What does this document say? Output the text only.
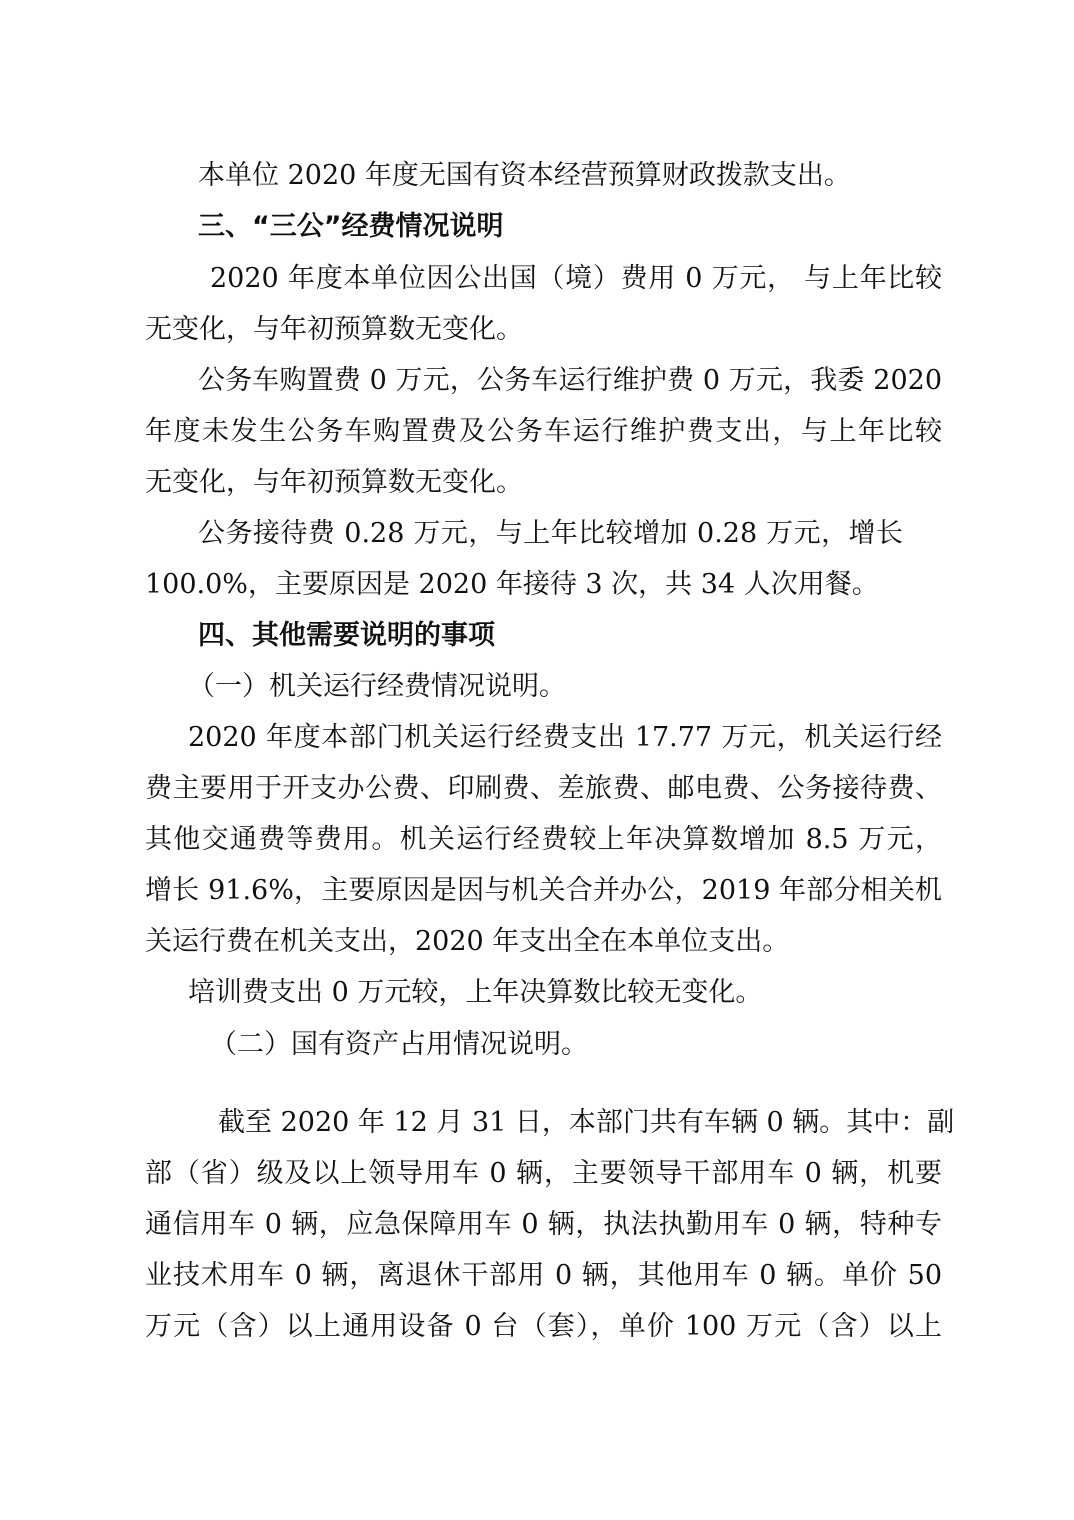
本单位 2020 年度无国有资本经营预算财政拨款支出。
三、“三公”经费情况说明
2020 年度本单位因公出国（境）费用 0 万元， 与上年比较
无变化，与年初预算数无变化。
公务车购置费 0 万元，公务车运行维护费 0 万元，我委 2020
年度未发生公务车购置费及公务车运行维护费支出，与上年比较
无变化，与年初预算数无变化。
公务接待费 0.28 万元，与上年比较增加 0.28 万元，增长
100.0%，主要原因是 2020 年接待 3 次，共 34 人次用餐。
四、其他需要说明的事项
（一）机关运行经费情况说明。
2020 年度本部门机关运行经费支出 17.77 万元，机关运行经
费主要用于开支办公费、印刷费、差旅费、邮电费、公务接待费、
其他交通费等费用。机关运行经费较上年决算数增加 8.5 万元，
增长 91.6%，主要原因是因与机关合并办公，2019 年部分相关机
关运行费在机关支出，2020 年支出全在本单位支出。
培训费支出 0 万元较，上年决算数比较无变化。
（二）国有资产占用情况说明。
截至 2020 年 12 月 31 日，本部门共有车辆 0 辆。其中：副
部（省）级及以上领导用车 0 辆，主要领导干部用车 0 辆，机要
通信用车 0 辆，应急保障用车 0 辆，执法执勤用车 0 辆，特种专
业技术用车 0 辆，离退休干部用 0 辆，其他用车 0 辆。单价 50
万元（含）以上通用设备 0 台（套），单价 100 万元（含）以上
